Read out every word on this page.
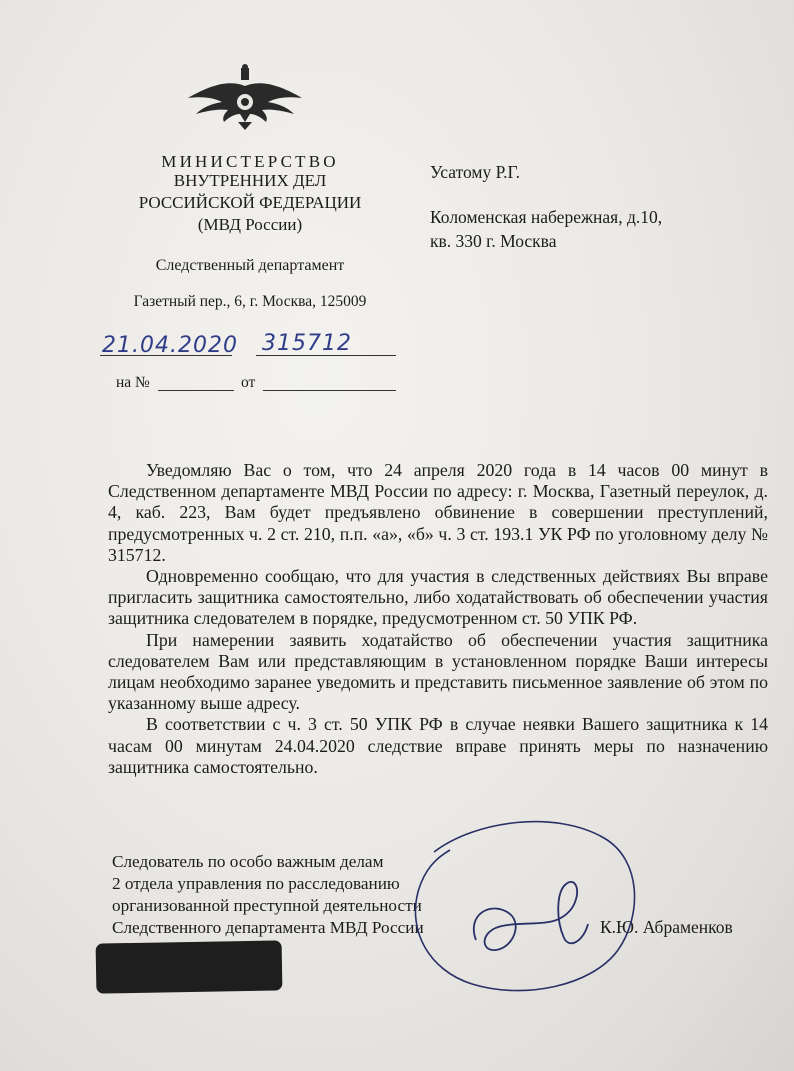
МИНИСТЕРСТВО
ВНУТРЕННИХ ДЕЛ
РОССИЙСКОЙ ФЕДЕРАЦИИ
(МВД России)
Следственный департамент
Газетный пер., 6, г. Москва, 125009
21.04.2020 315712
на №	от
Усатому Р.Г.
Коломенская набережная, д.10,
кв. 330 г. Москва

Уведомляю Вас о том, что 24 апреля 2020 года в 14 часов 00 минут в Следственном департаменте МВД России по адресу: г. Москва, Газетный переулок, д. 4, каб. 223, Вам будет предъявлено обвинение в совершении преступлений, предусмотренных ч. 2 ст. 210, п.п. «а», «б» ч. 3 ст. 193.1 УК РФ по уголовному делу № 315712.

Одновременно сообщаю, что для участия в следственных действиях Вы вправе пригласить защитника самостоятельно, либо ходатайствовать об обеспечении участия защитника следователем в порядке, предусмотренном ст. 50 УПК РФ.

При намерении заявить ходатайство об обеспечении участия защитника следователем Вам или представляющим в установленном порядке Ваши интересы лицам необходимо заранее уведомить и представить письменное заявление об этом по указанному выше адресу.

В соответствии с ч. 3 ст. 50 УПК РФ в случае неявки Вашего защитника к 14 часам 00 минутам 24.04.2020 следствие вправе принять меры по назначению защитника самостоятельно.

Следователь по особо важным делам
2 отдела управления по расследованию
организованной преступной деятельности
Следственного департамента МВД России	К.Ю. Абраменков
